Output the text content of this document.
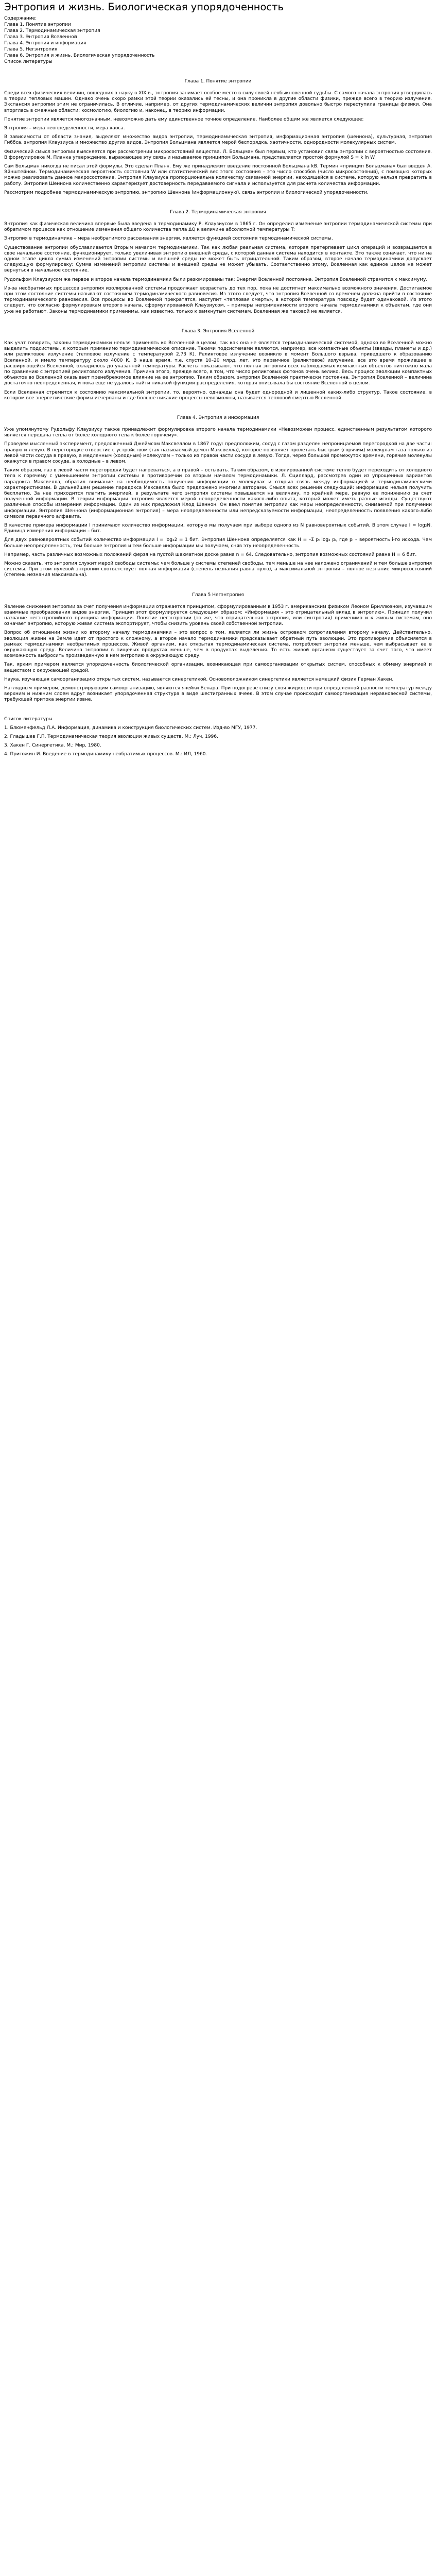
Энтропия и жизнь. Биологическая упорядоченность
Содержание:
Глава 1. Понятие энтропии
Глава 2. Термодинамическая энтропия
Глава 3. Энтропия Вселенной
Глава 4. Энтропия и информация
Глава 5. Негэнтропия
Глава 6. Энтропия и жизнь. Биологическая упорядоченность
Список литературы
Глава 1. Понятие энтропии

Среди всех физических величин, вошедших в науку в XIX в., энтропия занимает особое место в силу своей необыкновенной судьбы. С самого начала энтропия утвердилась в теории тепловых машин. Однако очень скоро рамки этой теории оказались ей тесны, и она проникла в другие области физики, прежде всего в теорию излучения. Экспансия энтропии этим не ограничилась. В отличие, например, от других термодинамических величин энтропия довольно быстро переступила границы физики. Она вторглась в смежные области: космологию, биологию и, наконец, в теорию информации.

Понятие энтропии является многозначным, невозможно дать ему единственное точное определение. Наиболее общим же является следующее:

Энтропия – мера неопределенности, мера хаоса.

В зависимости от области знания, выделяют множество видов энтропии, термодинамическая энтропия, информационная энтропия (шеннона), культурная, энтропия Гиббса, энтропия Клаузиуса и множество других видов. Энтропия Больцмана является мерой беспорядка, хаотичности, однородности молекулярных систем.

Физический смысл энтропии выясняется при рассмотрении микросостояний вещества. Л. Больцман был первым, кто установил связь энтропии с вероятностью состояния. В формулировке М. Планка утверждение, выражающее эту связь и называемое принципом Больцмана, представляется простой формулой S = k ln W.

Сам Больцман никогда не писал этой формулы. Это сделал Планк. Ему же принадлежит введение постоянной Больцмана kB. Термин «принцип Больцмана» был введен А. Эйнштейном. Термодинамическая вероятность состояния W или статистический вес этого состояния – это число способов (число микросостояний), с помощью которых можно реализовать данное макросостояние. Энтропия Клаузиуса пропорциональна количеству связанной энергии, находящейся в системе, которую нельзя превратить в работу. Энтропия Шеннона количественно характеризует достоверность передаваемого сигнала и используется для расчета количества информации.

Рассмотрим подробнее термодинамическую энтропию, энтропию Шеннона (информационную), связь энтропии и биологической упорядоченности.

Глава 2. Термодинамическая энтропия

Энтропия как физическая величина впервые была введена в термодинамику Р. Клаузиусом в 1865 г. Он определил изменение энтропии термодинамической системы при обратимом процессе как отношение изменения общего количества тепла ΔQ к величине абсолютной температуры T:

Энтропия в термодинамике – мера необратимого рассеивания энергии, является функцией состояния термодинамической системы.

Существование энтропии обуславливается Вторым началом термодинамики. Так как любая реальная система, которая претерпевает цикл операций и возвращается в свое начальное состояние, функционирует, только увеличивая энтропию внешней среды, с которой данная система находится в контакте. Это также означает, что ни на одном этапе цикла сумма изменений энтропии системы и внешней среды не может быть отрицательной. Таким образом, второе начало термодинамики допускает следующую формулировку: Сумма изменений энтропии системы и внешней среды не может убывать. Соответственно этому, Вселенная как единое целое не может вернуться в начальное состояние.

Рудольфом Клаузиусом же первое и второе начала термодинамики были резюмированы так: Энергия Вселенной постоянна. Энтропия Вселенной стремится к максимуму.

Из-за необратимых процессов энтропия изолированной системы продолжает возрастать до тех пор, пока не достигнет максимально возможного значения. Достигаемое при этом состояние системы называют состоянием термодинамического равновесия. Из этого следует, что энтропия Вселенной со временем должна прийти в состояние термодинамического равновесия. Все процессы во Вселенной прекратятся, наступит «тепловая смерть», в которой температура повсюду будет одинаковой. Из этого следует, что согласно формулировкам второго начала, сформулированной Клаузиусом, – примеры неприменимости второго начала термодинамики к объектам, где они уже не работают. Законы термодинамики применимы, как известно, только к замкнутым системам, Вселенная же таковой не является.

Глава 3. Энтропия Вселенной

Как учат говорить, законы термодинамики нельзя применять ко Вселенной в целом, так как она не является термодинамической системой, однако во Вселенной можно выделить подсистемы, к которым применимо термодинамическое описание. Такими подсистемами являются, например, все компактные объекты (звезды, планеты и др.) или реликтовое излучение (тепловое излучение с температурой 2,73 К). Реликтовое излучение возникло в момент Большого взрыва, приведшего к образованию Вселенной, и имело температуру около 4000 К. В наше время, т.е. спустя 10–20 млрд. лет, это первичное (реликтовое) излучение, все это время прожившее в расширяющейся Вселенной, охладилось до указанной температуры. Расчеты показывают, что полная энтропия всех наблюдаемых компактных объектов ничтожно мала по сравнению с энтропией реликтового излучения. Причина этого, прежде всего, в том, что число реликтовых фотонов очень велико. Весь процесс эволюции компактных объектов во Вселенной оказывает пренебрежимое влияние на ее энтропию. Таким образом, энтропия Вселенной практически постоянна. Энтропия Вселенной – величина достаточно неопределенная, и пока еще не удалось найти никакой функции распределения, которая описывала бы состояние Вселенной в целом.

Если Вселенная стремится к состоянию максимальной энтропии, то, вероятно, однажды она будет однородной и лишенной каких-либо структур. Такое состояние, в котором все энергетические формы исчерпаны и где больше никакие процессы невозможны, называется тепловой смертью Вселенной.

Глава 4. Энтропия и информация

Уже упомянутому Рудольфу Клаузиусу также принадлежит формулировка второго начала термодинамики «Невозможен процесс, единственным результатом которого является передача тепла от более холодного тела к более горячему».

Проведем мысленный эксперимент, предложенный Джеймсом Максвеллом в 1867 году: предположим, сосуд с газом разделен непроницаемой перегородкой на две части: правую и левую. В перегородке отверстие с устройством (так называемый демон Максвелла), которое позволяет пролетать быстрым (горячим) молекулам газа только из левой части сосуда в правую, а медленным (холодным) молекулам – только из правой части сосуда в левую. Тогда, через большой промежуток времени, горячие молекулы окажутся в правом сосуде, а холодные – в левом.

Таким образом, газ в левой части перегородки будет нагреваться, а в правой – остывать. Таким образом, в изолированной системе тепло будет переходить от холодного тела к горячему с уменьшением энтропии системы в противоречии со вторым началом термодинамики. Л. Сциллард, рассмотрев один из упрощенных вариантов парадокса Максвелла, обратил внимание на необходимость получения информации о молекулах и открыл связь между информацией и термодинамическими характеристиками. В дальнейшем решение парадокса Максвелла было предложено многими авторами. Смысл всех решений следующий: информацию нельзя получить бесплатно. За нее приходится платить энергией, в результате чего энтропия системы повышается на величину, по крайней мере, равную ее понижению за счет полученной информации. В теории информации энтропия является мерой неопределенности какого-либо опыта, который может иметь разные исходы. Существуют различные способы измерения информации. Один из них предложил Клод Шеннон. Он ввел понятие энтропии как меры неопределенности, снимаемой при получении информации. Энтропия Шеннона (информационная энтропия) – мера неопределенности или непредсказуемости информации, неопределенность появления какого-либо символа первичного алфавита.

В качестве примера информации I принимают количество информации, которую мы получаем при выборе одного из N равновероятных событий. В этом случае I = log₂N. Единица измерения информации – бит.

Для двух равновероятных событий количество информации I = log₂2 = 1 бит. Энтропия Шеннона определяется как H = –Σ pᵢ log₂ pᵢ, где pᵢ – вероятность i-го исхода. Чем больше неопределенность, тем больше энтропия и тем больше информации мы получаем, сняв эту неопределенность.

Например, часть различных возможных положений ферзя на пустой шахматной доске равна n = 64. Следовательно, энтропия возможных состояний равна H = 6 бит.

Можно сказать, что энтропия служит мерой свободы системы: чем больше у системы степеней свободы, тем меньше на нее наложено ограничений и тем больше энтропия системы. При этом нулевой энтропии соответствует полная информация (степень незнания равна нулю), а максимальной энтропии – полное незнание микросостояний (степень незнания максимальна).

Глава 5 Негэнтропия

Явление снижения энтропии за счет получения информации отражается принципом, сформулированным в 1953 г. американским физиком Леоном Бриллюэном, изучавшим взаимные преобразования видов энергии. Принцип этот формулируется следующим образом: «Информация – это отрицательный вклад в энтропию». Принцип получил название негэнтропийного принципа информации. Понятие негэнтропии (то же, что отрицательная энтропия, или синтропия) применимо и к живым системам, оно означает энтропию, которую живая система экспортирует, чтобы снизить уровень своей собственной энтропии.

Вопрос об отношении жизни ко второму началу термодинамики – это вопрос о том, является ли жизнь островком сопротивления второму началу. Действительно, эволюция жизни на Земле идет от простого к сложному, а второе начало термодинамики предсказывает обратный путь эволюции. Это противоречие объясняется в рамках термодинамики необратимых процессов. Живой организм, как открытая термодинамическая система, потребляет энтропии меньше, чем выбрасывает ее в окружающую среду. Величина энтропии в пищевых продуктах меньше, чем в продуктах выделения. То есть живой организм существует за счет того, что имеет возможность выбросить произведенную в нем энтропию в окружающую среду.

Так, ярким примером является упорядоченность биологической организации, возникающая при самоорганизации открытых систем, способных к обмену энергией и веществом с окружающей средой.

Наука, изучающая самоорганизацию открытых систем, называется синергетикой. Основоположником синергетики является немецкий физик Герман Хакен.

Наглядным примером, демонстрирующим самоорганизацию, являются ячейки Бенара. При подогреве снизу слоя жидкости при определенной разности температур между верхним и нижним слоем вдруг возникает упорядоченная структура в виде шестигранных ячеек. В этом случае происходит самоорганизация неравновесной системы, требующей притока энергии извне.

Список литературы
1. Блюменфельд Л.А. Информация, динамика и конструкция биологических систем. Изд-во МГУ, 1977.
2. Гладышев Г.П. Термодинамическая теория эволюции живых существ. М.: Луч, 1996.
3. Хакен Г. Синергетика. М.: Мир, 1980.
4. Пригожин И. Введение в термодинамику необратимых процессов. М.: ИЛ, 1960.
